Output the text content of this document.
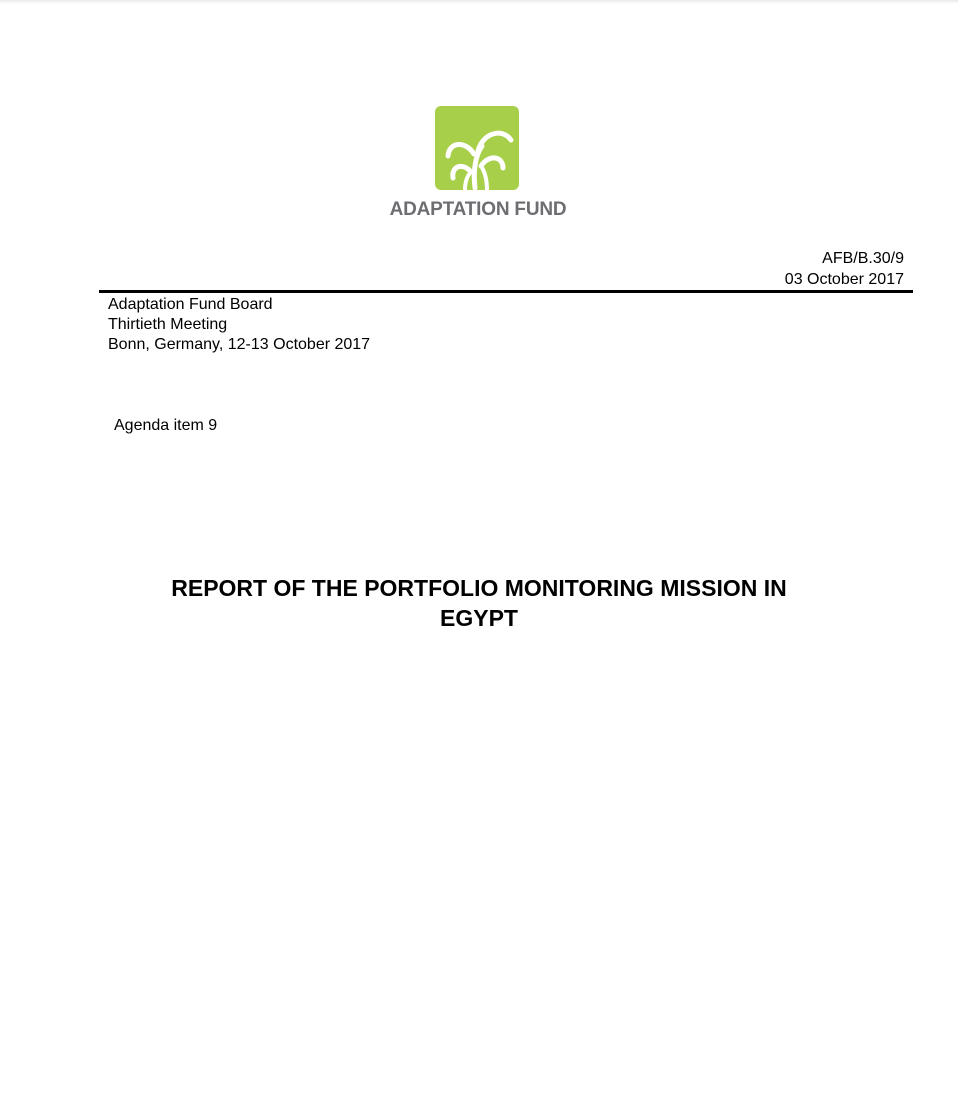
ADAPTATION FUND
AFB/B.30/9
03 October 2017
Adaptation Fund Board
Thirtieth Meeting
Bonn, Germany, 12-13 October 2017
Agenda item 9
REPORT OF THE PORTFOLIO MONITORING MISSION IN
EGYPT
